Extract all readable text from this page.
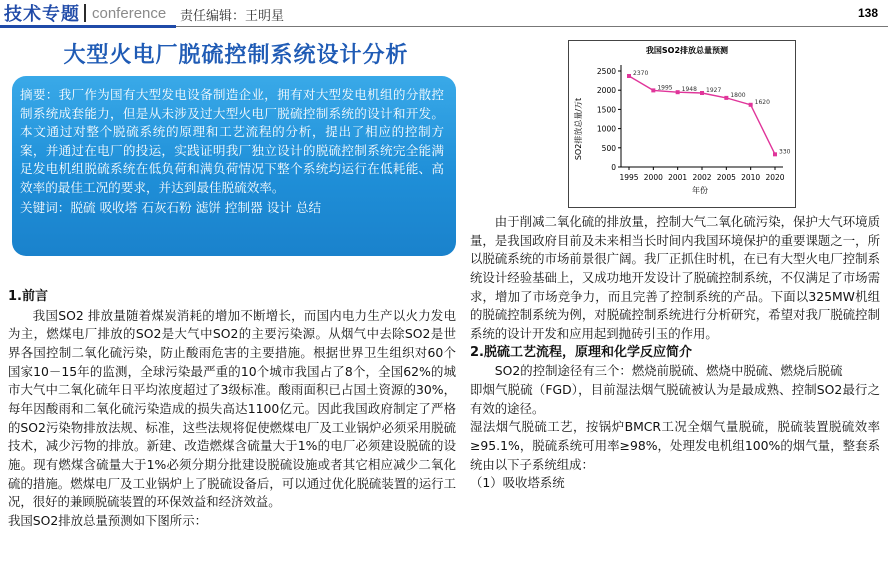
技术专题 conference 责任编辑：王明星	138
大型火电厂脱硫控制系统设计分析

摘要：我厂作为国有大型发电设备制造企业，拥有对大型发电机组的分散控制系统成套能力，但是从未涉及过大型火电厂脱硫控制系统的设计和开发。本文通过对整个脱硫系统的原理和工艺流程的分析，提出了相应的控制方案，并通过在电厂的投运，实践证明我厂独立设计的脱硫控制系统完全能满足发电机组脱硫系统在低负荷和满负荷情况下整个系统均运行在低耗能、高效率的最佳工况的要求，并达到最佳脱硫效率。

关键词：脱硫 吸收塔 石灰石粉 滤饼 控制器 设计 总结

我国SO2排放总量预测
SO2排放总量/万t
年份
0
500
1000
1500
2000
2500
1995 2000 2001 2002 2005 2010 2020
2370
1995 1948 1927
1800
1620
330

1.前言

我国SO2 排放量随着煤炭消耗的增加不断增长，而国内电力生产以火力发电为主，燃煤电厂排放的SO2是大气中SO2的主要污染源。从烟气中去除SO2是世界各国控制二氧化硫污染，防止酸雨危害的主要措施。根据世界卫生组织对60个国家10－15年的监测，全球污染最严重的10个城市我国占了8个，全国62%的城市大气中二氧化硫年日平均浓度超过了3级标准。酸雨面积已占国土资源的30%，每年因酸雨和二氧化硫污染造成的损失高达1100亿元。因此我国政府制定了严格的SO2污染物排放法规、标准，这些法规将促使燃煤电厂及工业锅炉必须采用脱硫技术，减少污物的排放。新建、改造燃煤含硫量大于1%的电厂必须建设脱硫的设施。现有燃煤含硫量大于1%必须分期分批建设脱硫设施或者其它相应减少二氧化硫的措施。燃煤电厂及工业锅炉上了脱硫设备后，可以通过优化脱硫装置的运行工况，很好的兼顾脱硫装置的环保效益和经济效益。

我国SO2排放总量预测如下图所示：

由于削减二氧化硫的排放量，控制大气二氧化硫污染，保护大气环境质量，是我国政府目前及未来相当长时间内我国环境保护的重要课题之一，所以脱硫系统的市场前景很广阔。我厂正抓住时机，在已有大型火电厂控制系统设计经验基础上，又成功地开发设计了脱硫控制系统，不仅满足了市场需求，增加了市场竞争力，而且完善了控制系统的产品。下面以325MW机组的脱硫控制系统为例，对脱硫控制系统进行分析研究，希望对我厂脱硫控制系统的设计开发和应用起到抛砖引玉的作用。

2.脱硫工艺流程，原理和化学反应简介

SO2的控制途径有三个：燃烧前脱硫、燃烧中脱硫、燃烧后脱硫

即烟气脱硫（FGD），目前湿法烟气脱硫被认为是最成熟、控制SO2最行之有效的途径。

湿法烟气脱硫工艺，按锅炉BMCR工况全烟气量脱硫，脱硫装置脱硫效率≥95.1%，脱硫系统可用率≥98%，处理发电机组100%的烟气量，整套系统由以下子系统组成：

（1）吸收塔系统
